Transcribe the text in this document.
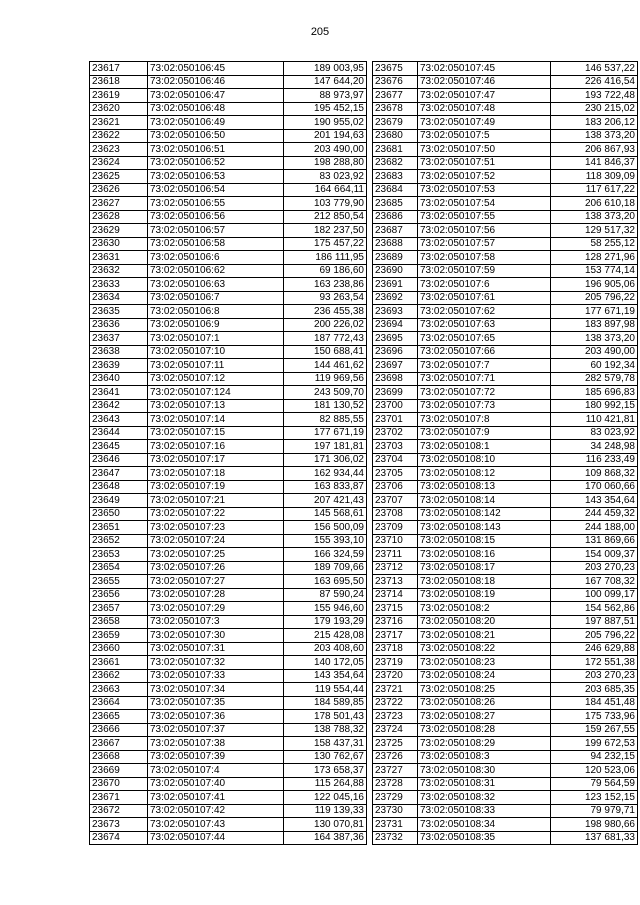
205
23617	73:02:050106:45	189 003,95
23618	73:02:050106:46	147 644,20
23619	73:02:050106:47	88 973,97
23620	73:02:050106:48	195 452,15
23621	73:02:050106:49	190 955,02
23622	73:02:050106:50	201 194,63
23623	73:02:050106:51	203 490,00
23624	73:02:050106:52	198 288,80
23625	73:02:050106:53	83 023,92
23626	73:02:050106:54	164 664,11
23627	73:02:050106:55	103 779,90
23628	73:02:050106:56	212 850,54
23629	73:02:050106:57	182 237,50
23630	73:02:050106:58	175 457,22
23631	73:02:050106:6	186 111,95
23632	73:02:050106:62	69 186,60
23633	73:02:050106:63	163 238,86
23634	73:02:050106:7	93 263,54
23635	73:02:050106:8	236 455,38
23636	73:02:050106:9	200 226,02
23637	73:02:050107:1	187 772,43
23638	73:02:050107:10	150 688,41
23639	73:02:050107:11	144 461,62
23640	73:02:050107:12	119 969,56
23641	73:02:050107:124	243 509,70
23642	73:02:050107:13	181 130,52
23643	73:02:050107:14	82 885,55
23644	73:02:050107:15	177 671,19
23645	73:02:050107:16	197 181,81
23646	73:02:050107:17	171 306,02
23647	73:02:050107:18	162 934,44
23648	73:02:050107:19	163 833,87
23649	73:02:050107:21	207 421,43
23650	73:02:050107:22	145 568,61
23651	73:02:050107:23	156 500,09
23652	73:02:050107:24	155 393,10
23653	73:02:050107:25	166 324,59
23654	73:02:050107:26	189 709,66
23655	73:02:050107:27	163 695,50
23656	73:02:050107:28	87 590,24
23657	73:02:050107:29	155 946,60
23658	73:02:050107:3	179 193,29
23659	73:02:050107:30	215 428,08
23660	73:02:050107:31	203 408,60
23661	73:02:050107:32	140 172,05
23662	73:02:050107:33	143 354,64
23663	73:02:050107:34	119 554,44
23664	73:02:050107:35	184 589,85
23665	73:02:050107:36	178 501,43
23666	73:02:050107:37	138 788,32
23667	73:02:050107:38	158 437,31
23668	73:02:050107:39	130 762,67
23669	73:02:050107:4	173 658,37
23670	73:02:050107:40	115 264,88
23671	73:02:050107:41	122 045,16
23672	73:02:050107:42	119 139,33
23673	73:02:050107:43	130 070,81
23674	73:02:050107:44	164 387,36
23675	73:02:050107:45	146 537,22
23676	73:02:050107:46	226 416,54
23677	73:02:050107:47	193 722,48
23678	73:02:050107:48	230 215,02
23679	73:02:050107:49	183 206,12
23680	73:02:050107:5	138 373,20
23681	73:02:050107:50	206 867,93
23682	73:02:050107:51	141 846,37
23683	73:02:050107:52	118 309,09
23684	73:02:050107:53	117 617,22
23685	73:02:050107:54	206 610,18
23686	73:02:050107:55	138 373,20
23687	73:02:050107:56	129 517,32
23688	73:02:050107:57	58 255,12
23689	73:02:050107:58	128 271,96
23690	73:02:050107:59	153 774,14
23691	73:02:050107:6	196 905,06
23692	73:02:050107:61	205 796,22
23693	73:02:050107:62	177 671,19
23694	73:02:050107:63	183 897,98
23695	73:02:050107:65	138 373,20
23696	73:02:050107:66	203 490,00
23697	73:02:050107:7	60 192,34
23698	73:02:050107:71	282 579,78
23699	73:02:050107:72	185 696,83
23700	73:02:050107:73	180 992,15
23701	73:02:050107:8	110 421,81
23702	73:02:050107:9	83 023,92
23703	73:02:050108:1	34 248,98
23704	73:02:050108:10	116 233,49
23705	73:02:050108:12	109 868,32
23706	73:02:050108:13	170 060,66
23707	73:02:050108:14	143 354,64
23708	73:02:050108:142	244 459,32
23709	73:02:050108:143	244 188,00
23710	73:02:050108:15	131 869,66
23711	73:02:050108:16	154 009,37
23712	73:02:050108:17	203 270,23
23713	73:02:050108:18	167 708,32
23714	73:02:050108:19	100 099,17
23715	73:02:050108:2	154 562,86
23716	73:02:050108:20	197 887,51
23717	73:02:050108:21	205 796,22
23718	73:02:050108:22	246 629,88
23719	73:02:050108:23	172 551,38
23720	73:02:050108:24	203 270,23
23721	73:02:050108:25	203 685,35
23722	73:02:050108:26	184 451,48
23723	73:02:050108:27	175 733,96
23724	73:02:050108:28	159 267,55
23725	73:02:050108:29	199 672,53
23726	73:02:050108:3	94 232,15
23727	73:02:050108:30	120 523,06
23728	73:02:050108:31	79 564,59
23729	73:02:050108:32	123 152,15
23730	73:02:050108:33	79 979,71
23731	73:02:050108:34	198 980,66
23732	73:02:050108:35	137 681,33
